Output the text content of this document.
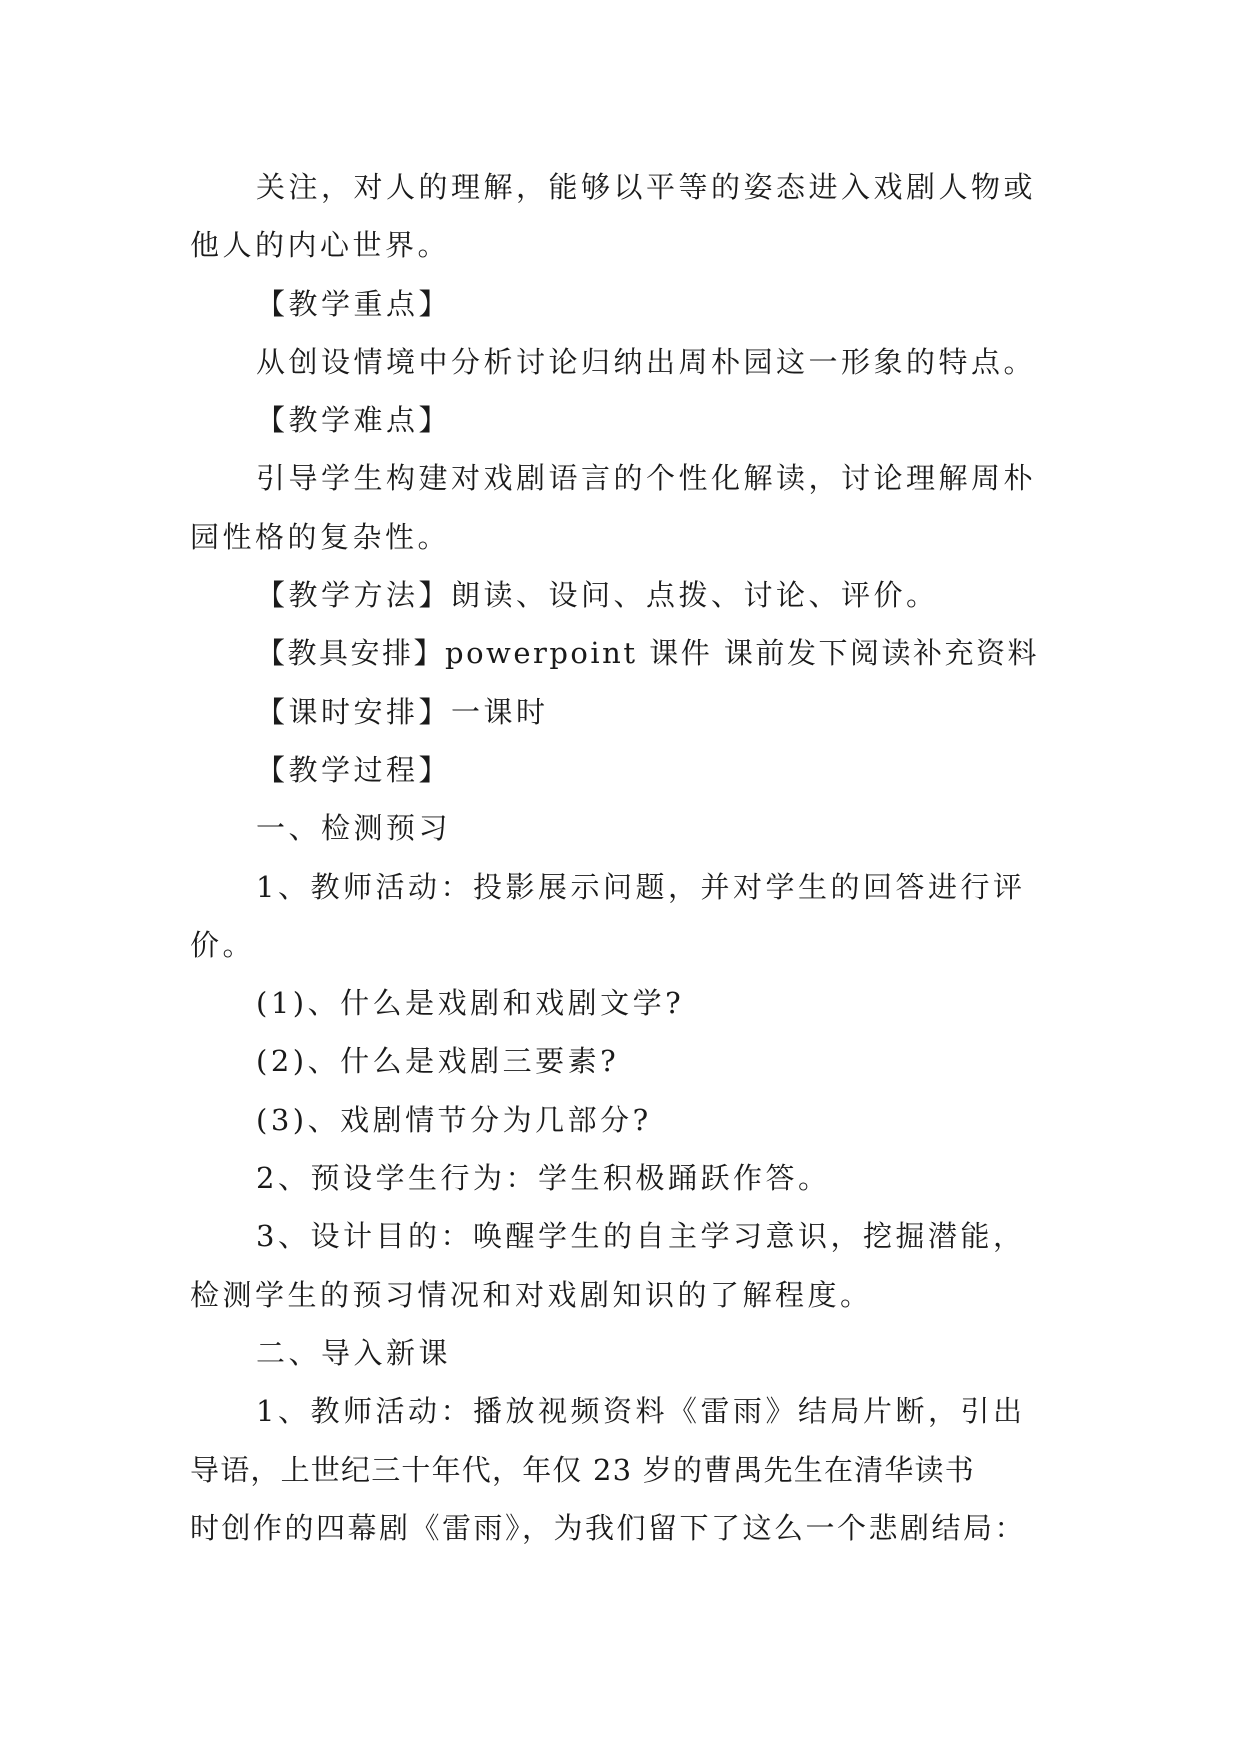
关注，对人的理解，能够以平等的姿态进入戏剧人物或
他人的内心世界。
【教学重点】
从创设情境中分析讨论归纳出周朴园这一形象的特点。
【教学难点】
引导学生构建对戏剧语言的个性化解读，讨论理解周朴
园性格的复杂性。
【教学方法】朗读、设问、点拨、讨论、评价。
【教具安排】powerpoint 课件 课前发下阅读补充资料
【课时安排】一课时
【教学过程】
一、检测预习
1、教师活动：投影展示问题，并对学生的回答进行评
价。
(1)、什么是戏剧和戏剧文学?
(2)、什么是戏剧三要素?
(3)、戏剧情节分为几部分?
2、预设学生行为：学生积极踊跃作答。
3、设计目的：唤醒学生的自主学习意识，挖掘潜能，
检测学生的预习情况和对戏剧知识的了解程度。
二、导入新课
1、教师活动：播放视频资料《雷雨》结局片断，引出
导语，上世纪三十年代，年仅 23 岁的曹禺先生在清华读书
时创作的四幕剧《雷雨》，为我们留下了这么一个悲剧结局：
